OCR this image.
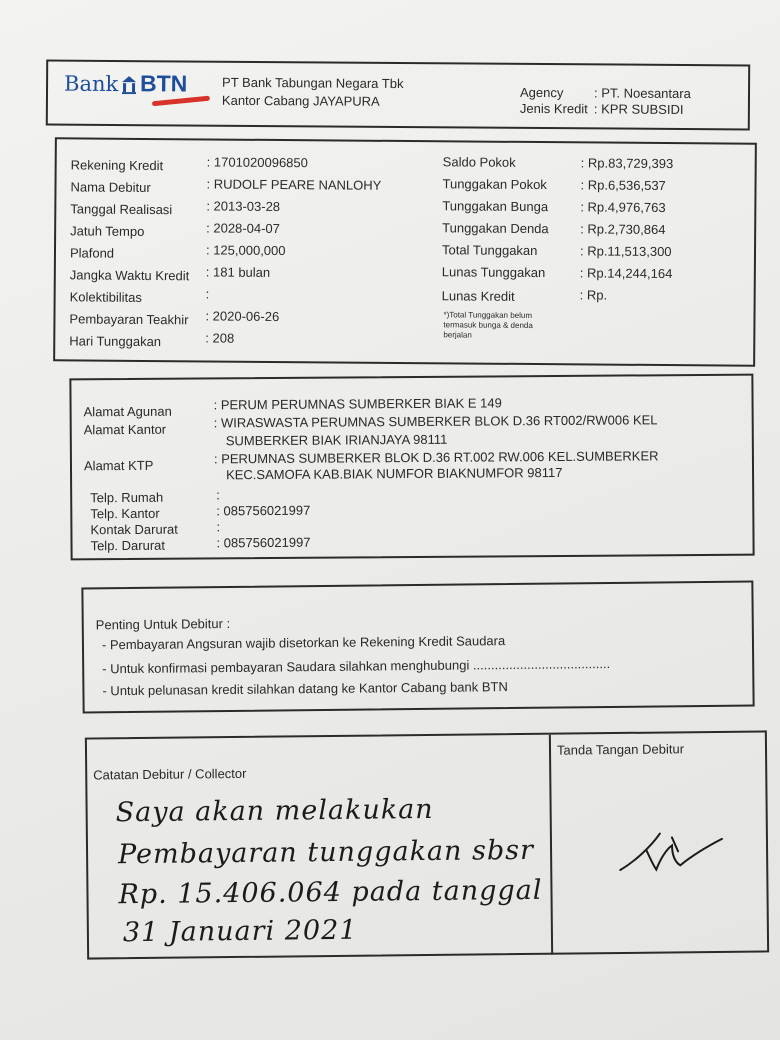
Bank BTN	PT Bank Tabungan Negara Tbk
Kantor Cabang JAYAPURA
Agency : PT. Noesantara
Jenis Kredit : KPR SUBSIDI
Rekening Kredit	: 1701020096850
Nama Debitur	: RUDOLF PEARE NANLOHY
Tanggal Realisasi	: 2013-03-28
Jatuh Tempo	: 2028-04-07
Plafond	: 125,000,000
Jangka Waktu Kredit : 181 bulan
Kolektibilitas	:
Pembayaran Teakhir : 2020-06-26
Hari Tunggakan	: 208
Saldo Pokok	: Rp.83,729,393
Tunggakan Pokok	: Rp.6,536,537
Tunggakan Bunga : Rp.4,976,763
Tunggakan Denda : Rp.2,730,864
Total Tunggakan	: Rp.11,513,300
Lunas Tunggakan	: Rp.14,244,164
Lunas Kredit	: Rp.
*)Total Tunggakan belum
termasuk bunga & denda
berjalan
Alamat Agunan	: PERUM PERUMNAS SUMBERKER BIAK E 149
Alamat Kantor	: WIRASWASTA PERUMNAS SUMBERKER BLOK D.36 RT002/RW006 KEL
SUMBERKER BIAK IRIANJAYA 98111
Alamat KTP	: PERUMNAS SUMBERKER BLOK D.36 RT.002 RW.006 KEL.SUMBERKER
KEC.SAMOFA KAB.BIAK NUMFOR BIAKNUMFOR 98117
Telp. Rumah	:
Telp. Kantor	: 085756021997
Kontak Darurat	:
Telp. Darurat	: 085756021997
Penting Untuk Debitur :
- Pembayaran Angsuran wajib disetorkan ke Rekening Kredit Saudara
- Untuk konfirmasi pembayaran Saudara silahkan menghubungi ......................................
- Untuk pelunasan kredit silahkan datang ke Kantor Cabang bank BTN
Catatan Debitur / Collector
Tanda Tangan Debitur
Saya akan melakukan
Pembayaran tunggakan sbsr
Rp. 15.406.064 pada tanggal
31 Januari 2021
